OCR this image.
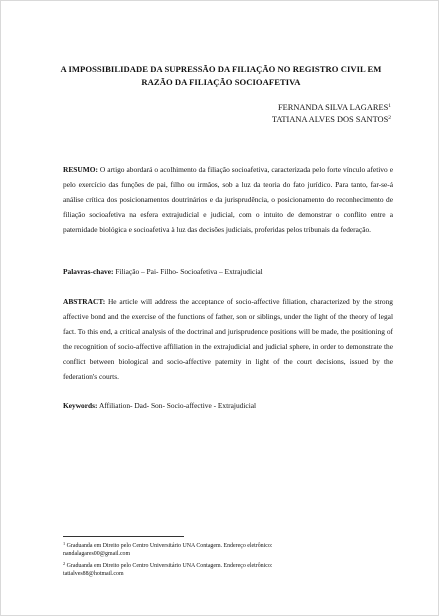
A IMPOSSIBILIDADE DA SUPRESSÃO DA FILIAÇÃO NO REGISTRO CIVIL EM RAZÃO DA FILIAÇÃO SOCIOAFETIVA
FERNANDA SILVA LAGARES$^1$
TATIANA ALVES DOS SANTOS$^2$
RESUMO: O artigo abordará o acolhimento da filiação socioafetiva, caracterizada pelo forte vínculo afetivo e pelo exercício das funções de pai, filho ou irmãos, sob a luz da teoria do fato jurídico. Para tanto, far-se-á análise crítica dos posicionamentos doutrinários e da jurisprudência, o posicionamento do reconhecimento de filiação socioafetiva na esfera extrajudicial e judicial, com o intuito de demonstrar o conflito entre a paternidade biológica e socioafetiva à luz das decisões judiciais, proferidas pelos tribunais da federação.
Palavras-chave: Filiação – Pai- Filho- Socioafetiva – Extrajudicial
ABSTRACT: He article will address the acceptance of socio-affective filiation, characterized by the strong affective bond and the exercise of the functions of father, son or siblings, under the light of the theory of legal fact. To this end, a critical analysis of the doctrinal and jurisprudence positions will be made, the positioning of the recognition of socio-affective affiliation in the extrajudicial and judicial sphere, in order to demonstrate the conflict between biological and socio-affective paternity in light of the court decisions, issued by the federation's courts.
Keywords: Affiliation- Dad- Son- Socio-affective - Extrajudicial
$^1$ Graduanda em Direito pelo Centro Universitário UNA Contagem. Endereço eletrônico:
nandalagares00@gmail.com
$^2$ Graduanda em Direito pelo Centro Universitário UNA Contagem. Endereço eletrônico:
tatialves88@hotmail.com
